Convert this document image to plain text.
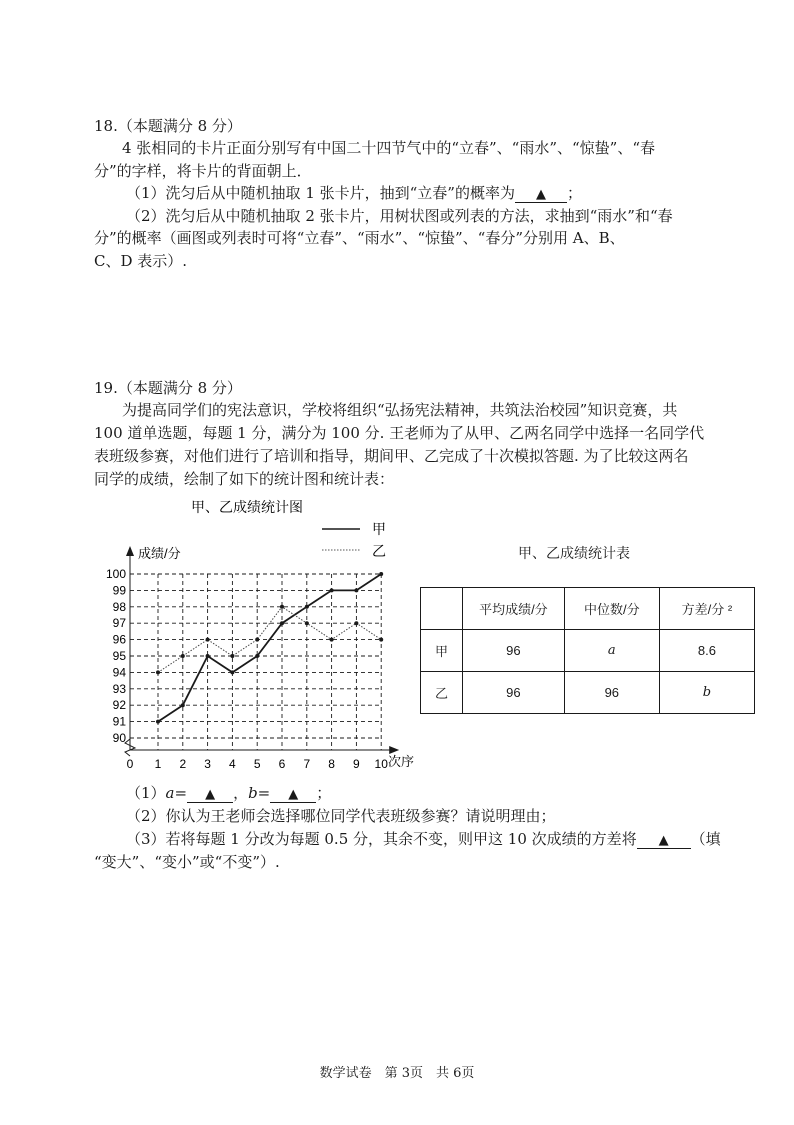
18.（本题满分 8 分）
4 张相同的卡片正面分别写有中国二十四节气中的“立春”、“雨水”、“惊蛰”、“春
分”的字样，将卡片的背面朝上．
（1）洗匀后从中随机抽取 1 张卡片，抽到“立春”的概率为 ▲ ；
（2）洗匀后从中随机抽取 2 张卡片，用树状图或列表的方法，求抽到“雨水”和“春
分”的概率（画图或列表时可将“立春”、“雨水”、“惊蛰”、“春分”分别用 A、B、
C、D 表示）.
19.（本题满分 8 分）
为提高同学们的宪法意识，学校将组织“弘扬宪法精神，共筑法治校园”知识竞赛，共
100 道单选题，每题 1 分，满分为 100 分. 王老师为了从甲、乙两名同学中选择一名同学代
表班级参赛，对他们进行了培训和指导，期间甲、乙完成了十次模拟答题. 为了比较这两名
同学的成绩，绘制了如下的统计图和统计表：
甲、乙成绩统计图
甲
乙
成绩/分
次序
90
91
92
93
94
95
96
97
98
99
100
0 1 2 3 4 5 6 7 8 9 10
甲、乙成绩统计表
	平均成绩/分	中位数/分	方差/分 ²
甲	96	a	8.6
乙	96	96	b
（1）a= ▲ ，b= ▲ ；
（2）你认为王老师会选择哪位同学代表班级参赛？请说明理由；
（3）若将每题 1 分改为每题 0.5 分，其余不变，则甲这 10 次成绩的方差将 ▲ （填
“变大”、“变小”或“不变”）.
数学试卷　第 3页　共 6页
